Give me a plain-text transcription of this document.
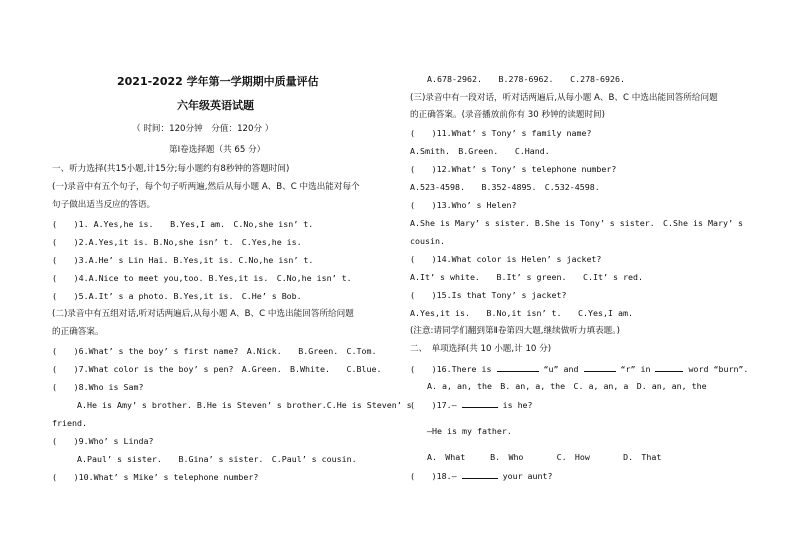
2021-2022 学年第一学期期中质量评估
六年级英语试题
（ 时间：120分钟　分值：120分 ）
第Ⅰ卷选择题（共 65 分）
一、听力选择(共15小题,计15分;每小题约有8秒钟的答题时间)
(一)录音中有五个句子，每个句子听两遍,然后从每小题 A、B、C 中选出能对每个
句子做出适当反应的答语。
(　　)1. A.Yes,he is.　　B.Yes,I am.　C.No,she isn’ t.
(　　)2.A.Yes,it is. B.No,she isn’ t.　C.Yes,he is.
(　　)3.A.He’ s Lin Hai. B.Yes,it is. C.No,he isn’ t.
(　　)4.A.Nice to meet you,too. B.Yes,it is.　C.No,he isn’ t.
(　　)5.A.It’ s a photo. B.Yes,it is.　C.He’ s Bob.
(二)录音中有五组对话,听对话两遍后,从每小题 A、B、C 中选出能回答所给问题
的正确答案。
(　　)6.What’ s the boy’ s first name?　A.Nick.　　B.Green.　C.Tom.
(　　)7.What color is the boy’ s pen?　A.Green.　B.White.　　C.Blue.
(　　)8.Who is Sam?
A.He is Amy’ s brother. B.He is Steven’ s brother.C.He is Steven’ s
friend.
(　　)9.Who’ s Linda?
A.Paul’ s sister.　　B.Gina’ s sister.　C.Paul’ s cousin.
(　　)10.What’ s Mike’ s telephone number?
A.678-2962.　　B.278-6962.　　C.278-6926.
(三)录音中有一段对话，听对话两遍后,从每小题 A、B、C 中选出能回答所给问题
的正确答案。(录音播放前你有 30 秒钟的读题时间)
(　　)11.What’ s Tony’ s family name?
A.Smith.　B.Green.　　C.Hand.
(　　)12.What’ s Tony’ s telephone number?
A.523-4598.　　B.352-4895.　C.532-4598.
(　　)13.Who’ s Helen?
A.She is Mary’ s sister. B.She is Tony’ s sister.　C.She is Mary’ s
cousin.
(　　)14.What color is Helen’ s jacket?
A.It’ s white.　　B.It’ s green.　　C.It’ s red.
(　　)15.Is that Tony’ s jacket?
A.Yes,it is.　　B.No,it isn’ t.　　C.Yes,I am.
(注意:请同学们翻到第Ⅱ卷第四大题,继续做听力填表题。)
二、　单项选择(共 10 小题,计 10 分)
(　　)16.There is	“u” and	“r” in	word “burn”.
A. a, an, the　B. an, a, the　C. a, an, a　D. an, an, the
(　　)17.—	is he?
—He is my father.
A.　What　　　B.　Who　　　　C.　How　　　　D.　That
(　　)18.—	your aunt?
